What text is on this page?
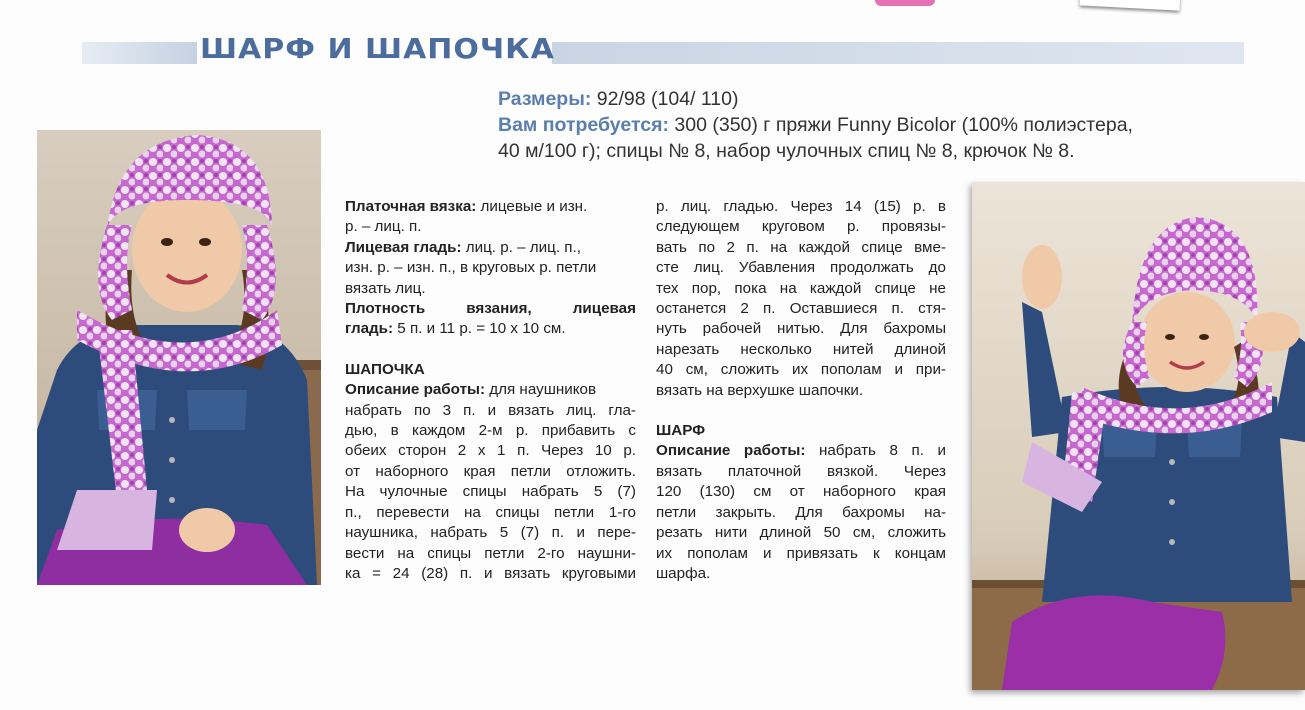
ШАРФ И ШАПОЧКА
Размеры: 92/98 (104/ 110)
Вам потребуется: 300 (350) г пряжи Funny Bicolor (100% полиэстера,
40 м/100 г); спицы № 8, набор чулочных спиц № 8, крючок № 8.

Платочная вязка: лицевые и изн.

р. – лиц. п.

Лицевая гладь: лиц. р. – лиц. п.,

изн. р. – изн. п., в круговых р. петли

вязать лиц.

Плотность вязания, лицевая

гладь: 5 п. и 11 р. = 10 х 10 см.

ШАПОЧКА

Описание работы: для наушников

набрать по 3 п. и вязать лиц. гла-

дью, в каждом 2-м р. прибавить с

обеих сторон 2 х 1 п. Через 10 р.

от наборного края петли отложить.

На чулочные спицы набрать 5 (7)

п., перевести на спицы петли 1-го

наушника, набрать 5 (7) п. и пере-

вести на спицы петли 2-го наушни-

ка = 24 (28) п. и вязать круговыми

р. лиц. гладью. Через 14 (15) р. в

следующем круговом р. провязы-

вать по 2 п. на каждой спице вме-

сте лиц. Убавления продолжать до

тех пор, пока на каждой спице не

останется 2 п. Оставшиеся п. стя-

нуть рабочей нитью. Для бахромы

нарезать несколько нитей длиной

40 см, сложить их пополам и при-

вязать на верхушке шапочки.

ШАРФ

Описание работы: набрать 8 п. и

вязать платочной вязкой. Через

120 (130) см от наборного края

петли закрыть. Для бахромы на-

резать нити длиной 50 см, сложить

их пополам и привязать к концам

шарфа.
